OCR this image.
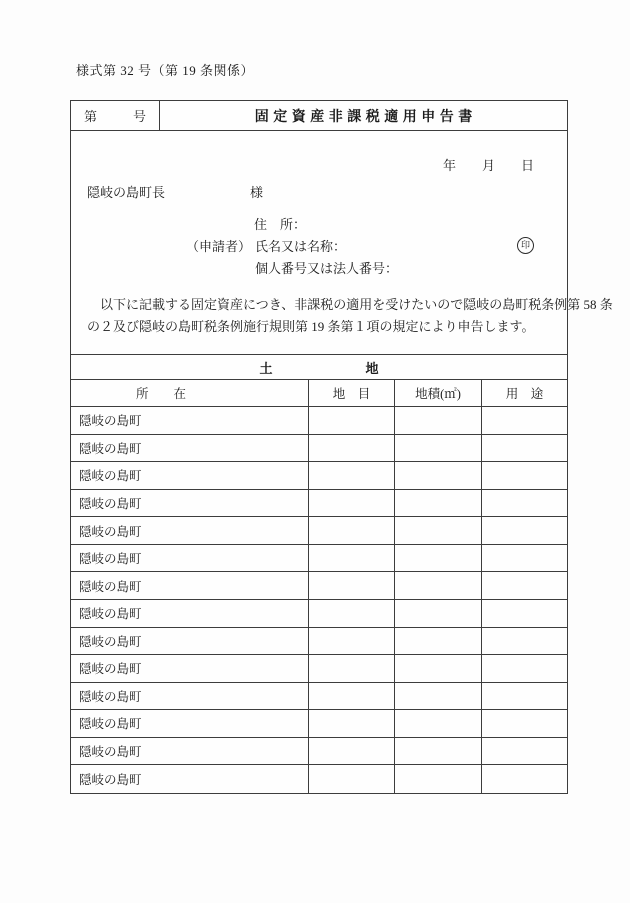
様式第 32 号（第 19 条関係）
第	号	固定資産非課税適用申告書
年　　月　　日
隠岐の島町長	様
住　所：
（申請者） 氏名又は名称：	印
個人番号又は法人番号：
以下に記載する固定資産につき、非課税の適用を受けたいので隠岐の島町税条例第 58 条
の２及び隠岐の島町税条例施行規則第 19 条第１項の規定により申告します。
土	地
所　　在	地　目	地積(㎡)	用　途
隠岐の島町
隠岐の島町
隠岐の島町
隠岐の島町
隠岐の島町
隠岐の島町
隠岐の島町
隠岐の島町
隠岐の島町
隠岐の島町
隠岐の島町
隠岐の島町
隠岐の島町
隠岐の島町
